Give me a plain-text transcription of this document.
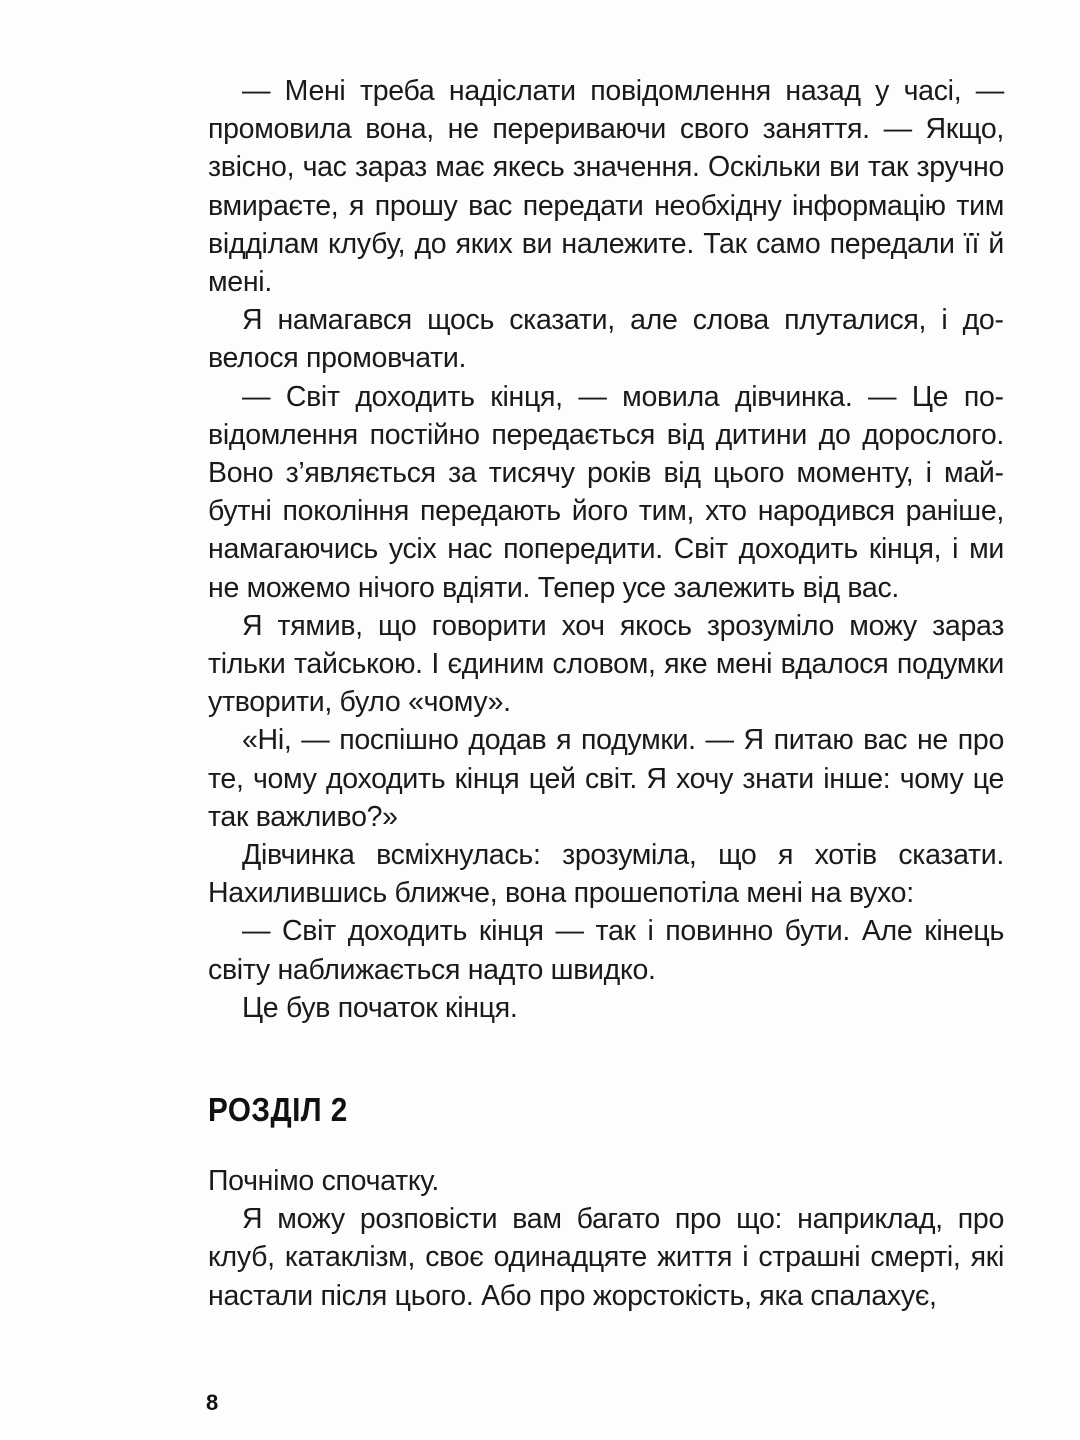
— Мені треба надіслати повідомлення назад у часі, — промовила вона, не перериваючи свого заняття. — Якщо, звісно, час зараз має якесь значення. Оскільки ви так зручно вмираєте, я прошу вас передати необхідну інформацію тим відділам клубу, до яких ви належите. Так само передали її й мені.

Я намагався щось сказати, але слова плуталися, і довелося промовчати.

— Світ доходить кінця, — мовила дівчинка. — Це повідомлення постійно передається від дитини до дорослого. Воно з’являється за тисячу років від цього моменту, і майбутні покоління передають його тим, хто народився раніше, намагаючись усіх нас попередити. Світ доходить кінця, і ми не можемо нічого вдіяти. Тепер усе залежить від вас.

Я тямив, що говорити хоч якось зрозуміло можу зараз тільки тайською. І єдиним словом, яке мені вдалося подумки утворити, було «чому».

«Ні, — поспішно додав я подумки. — Я питаю вас не про те, чому доходить кінця цей світ. Я хочу знати інше: чому це так важливо?»

Дівчинка всміхнулась: зрозуміла, що я хотів сказати. Нахилившись ближче, вона прошепотіла мені на вухо:

— Світ доходить кінця — так і повинно бути. Але кінець світу наближається надто швидко.

Це був початок кінця.

РОЗДІЛ 2

Почнімо спочатку.

Я можу розповісти вам багато про що: наприклад, про клуб, катаклізм, своє одинадцяте життя і страшні смерті, які настали після цього. Або про жорстокість, яка спалахує,

8
